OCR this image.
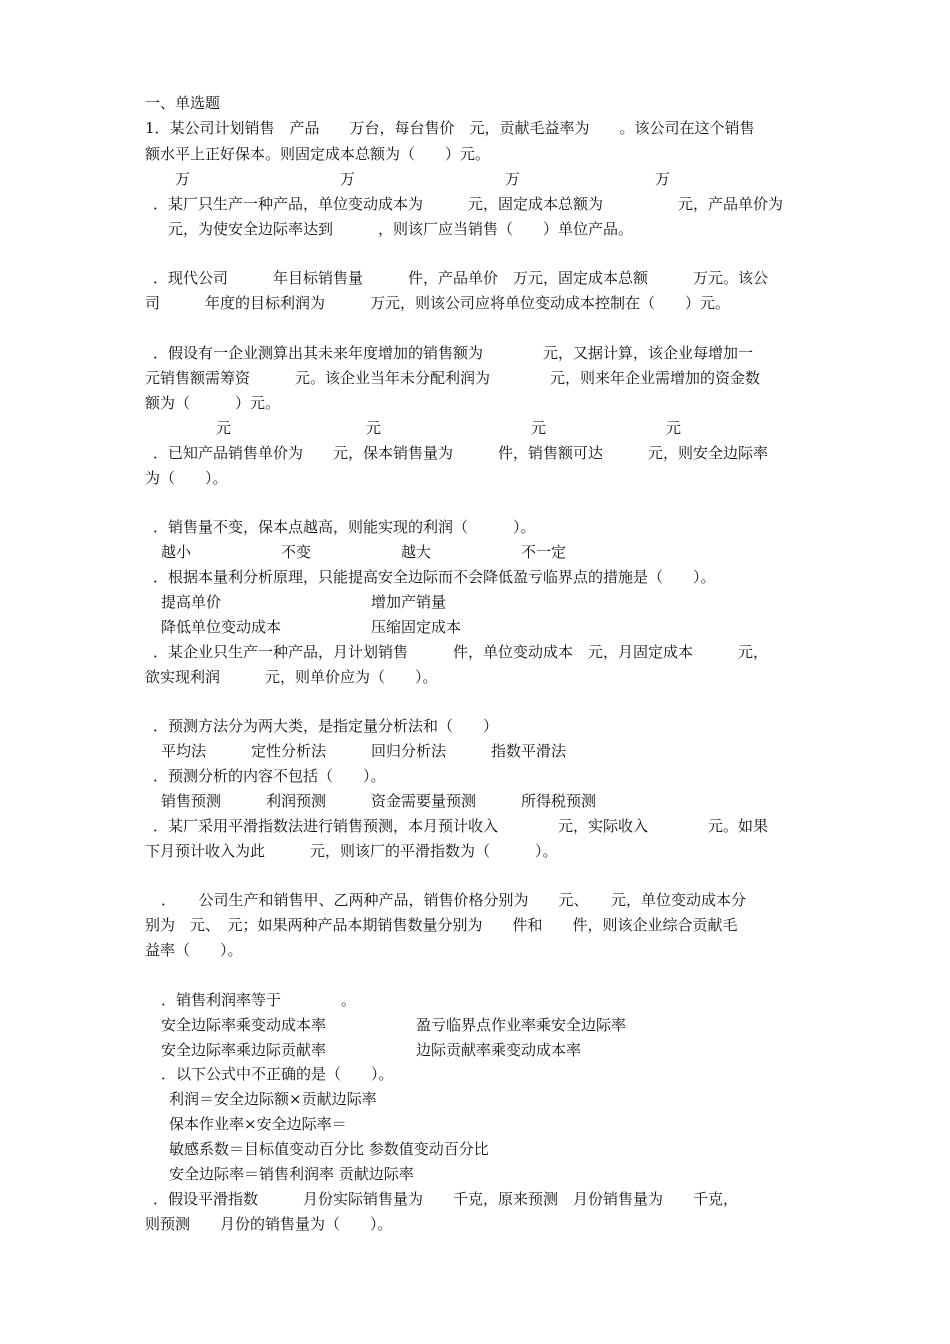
一、单选题
1．某公司计划销售　产品　　万台，每台售价　元，贡献毛益率为　　。该公司在这个销售
额水平上正好保本。则固定成本总额为（　　）元。
　　万　　　　　　　　　　万　　　　　　　　　　万　　　　　　　　　万
．某厂只生产一种产品，单位变动成本为　　　元，固定成本总额为　　　　　元，产品单价为
　元，为使安全边际率达到　　　，则该厂应当销售（　　）单位产品。
．现代公司　　　年目标销售量　　　件，产品单价　万元，固定成本总额　　　万元。该公
司　　　年度的目标利润为　　　万元，则该公司应将单位变动成本控制在（　　）元。
．假设有一企业测算出其未来年度增加的销售额为　　　　元，又据计算，该企业每增加一
元销售额需筹资　　　元。该企业当年未分配利润为　　　　元，则来年企业需增加的资金数
额为（　　　）元。
元　　　　　　　　　元　　　　　　　　　　元　　　　　　　　元
．已知产品销售单价为　　元，保本销售量为　　　件，销售额可达　　　元，则安全边际率
为（　　）。
．销售量不变，保本点越高，则能实现的利润（　　　）。
越小　　　　　　不变　　　　　　越大　　　　　　不一定
．根据本量利分析原理，只能提高安全边际而不会降低盈亏临界点的措施是（　　）。
提高单价　　　　　　　　　　增加产销量
降低单位变动成本　　　　　　压缩固定成本
．某企业只生产一种产品，月计划销售　　　件，单位变动成本　元，月固定成本　　　元，
欲实现利润　　　元，则单价应为（　　）。
．预测方法分为两大类，是指定量分析法和（　　）
平均法　　　定性分析法　　　回归分析法　　　指数平滑法
．预测分析的内容不包括（　　）。
销售预测　　　利润预测　　　资金需要量预测　　　所得税预测
．某厂采用平滑指数法进行销售预测，本月预计收入　　　　元，实际收入　　　　元。如果
下月预计收入为此　　　元，则该厂的平滑指数为（　　　）。
．　　公司生产和销售甲、乙两种产品，销售价格分别为　　元、　　元，单位变动成本分
别为　元、　元；如果两种产品本期销售数量分别为　　件和　　件，则该企业综合贡献毛
益率（　　）。
．销售利润率等于　　　　。
安全边际率乘变动成本率　　　　　　盈亏临界点作业率乘安全边际率
安全边际率乘边际贡献率　　　　　　边际贡献率乘变动成本率
．以下公式中不正确的是（　　）。
利润＝安全边际额×贡献边际率
保本作业率×安全边际率＝
敏感系数＝目标值变动百分比 参数值变动百分比
安全边际率＝销售利润率 贡献边际率
．假设平滑指数　　　月份实际销售量为　　千克，原来预测　月份销售量为　　千克，
则预测　　月份的销售量为（　　）。
